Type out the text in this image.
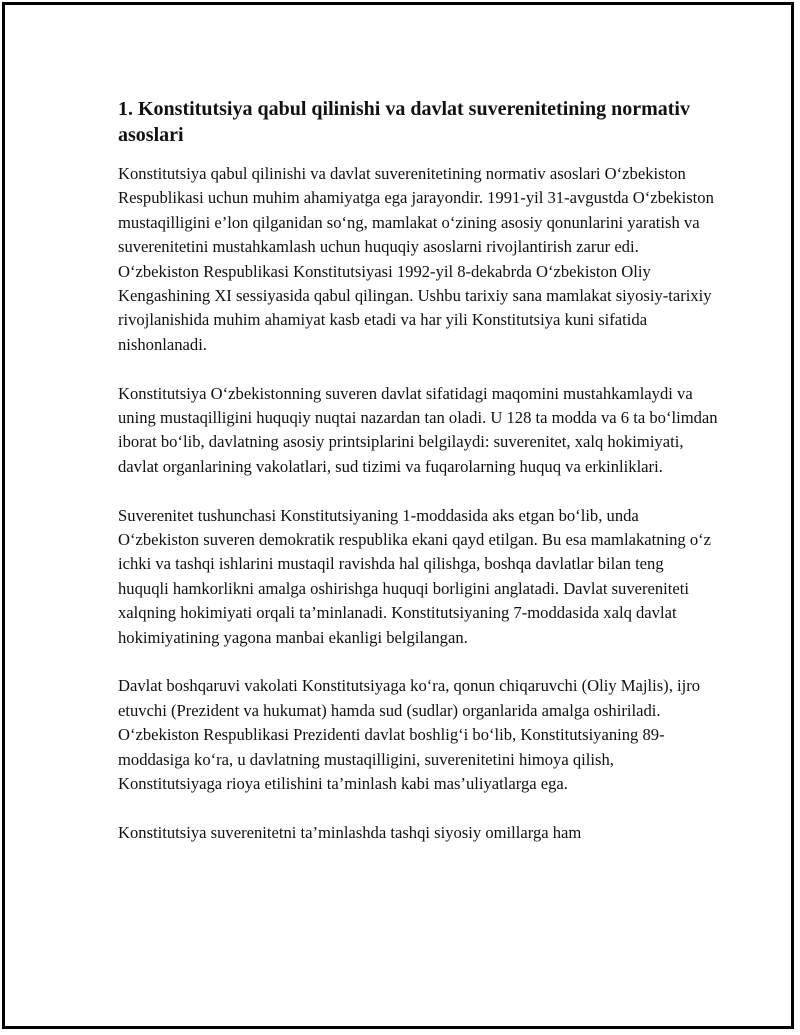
1. Konstitutsiya qabul qilinishi va davlat suverenitetining normativ asoslari

Konstitutsiya qabul qilinishi va davlat suverenitetining normativ asoslari O‘zbekiston Respublikasi uchun muhim ahamiyatga ega jarayondir. 1991-yil 31-avgustda O‘zbekiston mustaqilligini e’lon qilganidan so‘ng, mamlakat o‘zining asosiy qonunlarini yaratish va suverenitetini mustahkamlash uchun huquqiy asoslarni rivojlantirish zarur edi. O‘zbekiston Respublikasi Konstitutsiyasi 1992-yil 8-dekabrda O‘zbekiston Oliy Kengashining XI sessiyasida qabul qilingan. Ushbu tarixiy sana mamlakat siyosiy-tarixiy rivojlanishida muhim ahamiyat kasb etadi va har yili Konstitutsiya kuni sifatida nishonlanadi.

Konstitutsiya O‘zbekistonning suveren davlat sifatidagi maqomini mustahkamlaydi va uning mustaqilligini huquqiy nuqtai nazardan tan oladi. U 128 ta modda va 6 ta bo‘limdan iborat bo‘lib, davlatning asosiy printsiplarini belgilaydi: suverenitet, xalq hokimiyati, davlat organlarining vakolatlari, sud tizimi va fuqarolarning huquq va erkinliklari.

Suverenitet tushunchasi Konstitutsiyaning 1-moddasida aks etgan bo‘lib, unda O‘zbekiston suveren demokratik respublika ekani qayd etilgan. Bu esa mamlakatning o‘z ichki va tashqi ishlarini mustaqil ravishda hal qilishga, boshqa davlatlar bilan teng huquqli hamkorlikni amalga oshirishga huquqi borligini anglatadi. Davlat suvereniteti xalqning hokimiyati orqali ta’minlanadi. Konstitutsiyaning 7-moddasida xalq davlat hokimiyatining yagona manbai ekanligi belgilangan.

Davlat boshqaruvi vakolati Konstitutsiyaga ko‘ra, qonun chiqaruvchi (Oliy Majlis), ijro etuvchi (Prezident va hukumat) hamda sud (sudlar) organlarida amalga oshiriladi. O‘zbekiston Respublikasi Prezidenti davlat boshlig‘i bo‘lib, Konstitutsiyaning 89-moddasiga ko‘ra, u davlatning mustaqilligini, suverenitetini himoya qilish, Konstitutsiyaga rioya etilishini ta’minlash kabi mas’uliyatlarga ega.

Konstitutsiya suverenitetni ta’minlashda tashqi siyosiy omillarga ham
